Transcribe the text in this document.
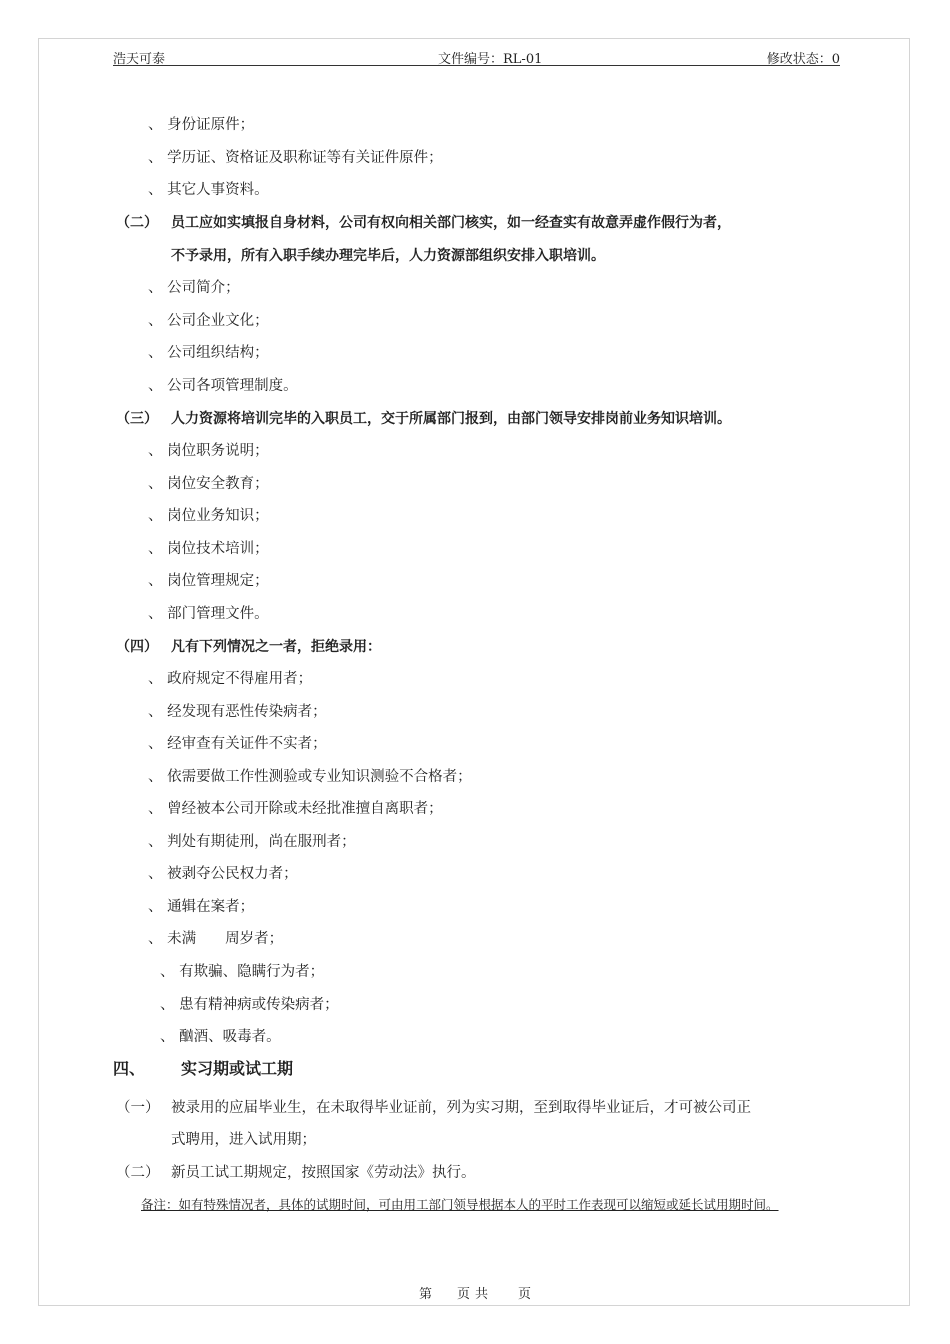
浩天可泰	文件编号：RL-01	修改状态：0
、 身份证原件；
、 学历证、资格证及职称证等有关证件原件；
、 其它人事资料。
（二） 员工应如实填报自身材料，公司有权向相关部门核实，如一经查实有故意弄虚作假行为者，
不予录用，所有入职手续办理完毕后，人力资源部组织安排入职培训。
、 公司简介；
、 公司企业文化；
、 公司组织结构；
、 公司各项管理制度。
（三） 人力资源将培训完毕的入职员工，交于所属部门报到，由部门领导安排岗前业务知识培训。
、 岗位职务说明；
、 岗位安全教育；
、 岗位业务知识；
、 岗位技术培训；
、 岗位管理规定；
、 部门管理文件。
（四） 凡有下列情况之一者，拒绝录用：
、 政府规定不得雇用者；
、 经发现有恶性传染病者；
、 经审查有关证件不实者；
、 依需要做工作性测验或专业知识测验不合格者；
、 曾经被本公司开除或未经批准擅自离职者；
、 判处有期徒刑，尚在服刑者；
、 被剥夺公民权力者；
、 通辑在案者；
、 未满　　周岁者；
、 有欺骗、隐瞒行为者；
、 患有精神病或传染病者；
、 酗酒、吸毒者。
四、 实习期或试工期
（一） 被录用的应届毕业生，在未取得毕业证前，列为实习期，至到取得毕业证后，才可被公司正
式聘用，进入试用期；
（二） 新员工试工期规定，按照国家《劳动法》执行。
备注：如有特殊情况者，具体的试期时间，可由用工部门领导根据本人的平时工作表现可以缩短或延长试用期时间。
第 页 共 页
